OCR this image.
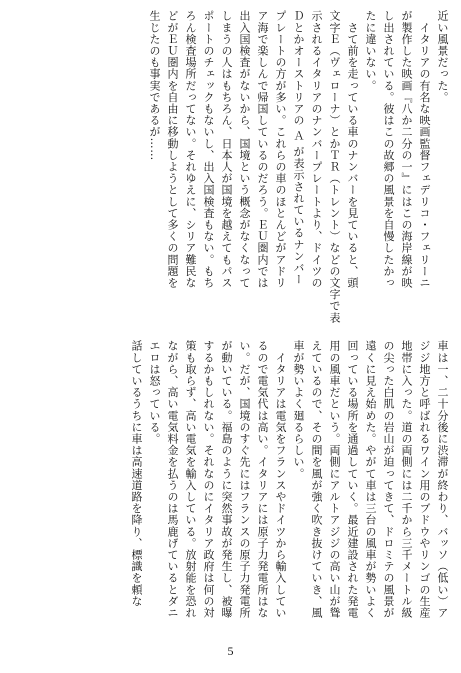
近い風景だった。
　イタリアの有名な映画監督フェデリコ・フェリーニ
が製作した映画『八か二分の一』にはこの海岸線が映
し出されている。彼はこの故郷の風景を自慢したかっ
たに違いない。
　さて前を走っている車のナンバーを見ていると、頭
文字Ｅ（ヴェローナ）とかＴＲ（トレント）などの文字で表
示されるイタリアのナンバープレートより、ドイツの
Ｄとかオーストリアの Ａ が表示されているナンバー
プレートの方が多い。これらの車のほとんどがアドリ
ア海で楽しんで帰国しているのだろう。ＥＵ圏内では
出入国検査がないから、国境という概念がなくなって
しまうの人はもちろん、日本人が国境を越えてもパス
ポートのチェックもないし、出入国検査もない。もち
ろん検査場所だってない。それゆえに、シリア難民な
どがＥＵ圏内を自由に移動しようとして多くの問題を
生じたのも事実であるが……
車は一、二十分後に渋滞が終わり、バッソ（低い）ア
ジジ地方と呼ばれるワイン用のブドウやリンゴの生産
地帯に入った。道の両側には二千から三千メートル級
の尖った白肌の岩山が迫ってきて、ドロミテの風景が
遠くに見え始めた。やがて車は三台の風車が勢いよく
回っている場所を通過していく。最近建設された発電
用の風車だという。両側にアルトアジジの高い山が聳
えているので、その間を風が強く吹き抜けていき、風
車が勢いよく廻るらしい。
　イタリアは電気をフランスやドイツから輸入してい
るので電気代は高い。イタリアには原子力発電所はな
い。だが、国境のすぐ先にはフランスの原子力発電所
が動いている。福島のように突然事故が発生し、被曝
するかもしれない。それなのにイタリア政府は何の対
策も取らず、高い電気を輸入している。放射能を恐れ
ながら、高い電気料金を払うのは馬鹿げているとダニ
エロは怒っている。
話しているうちに車は高速道路を降り、標識を頼な
5
